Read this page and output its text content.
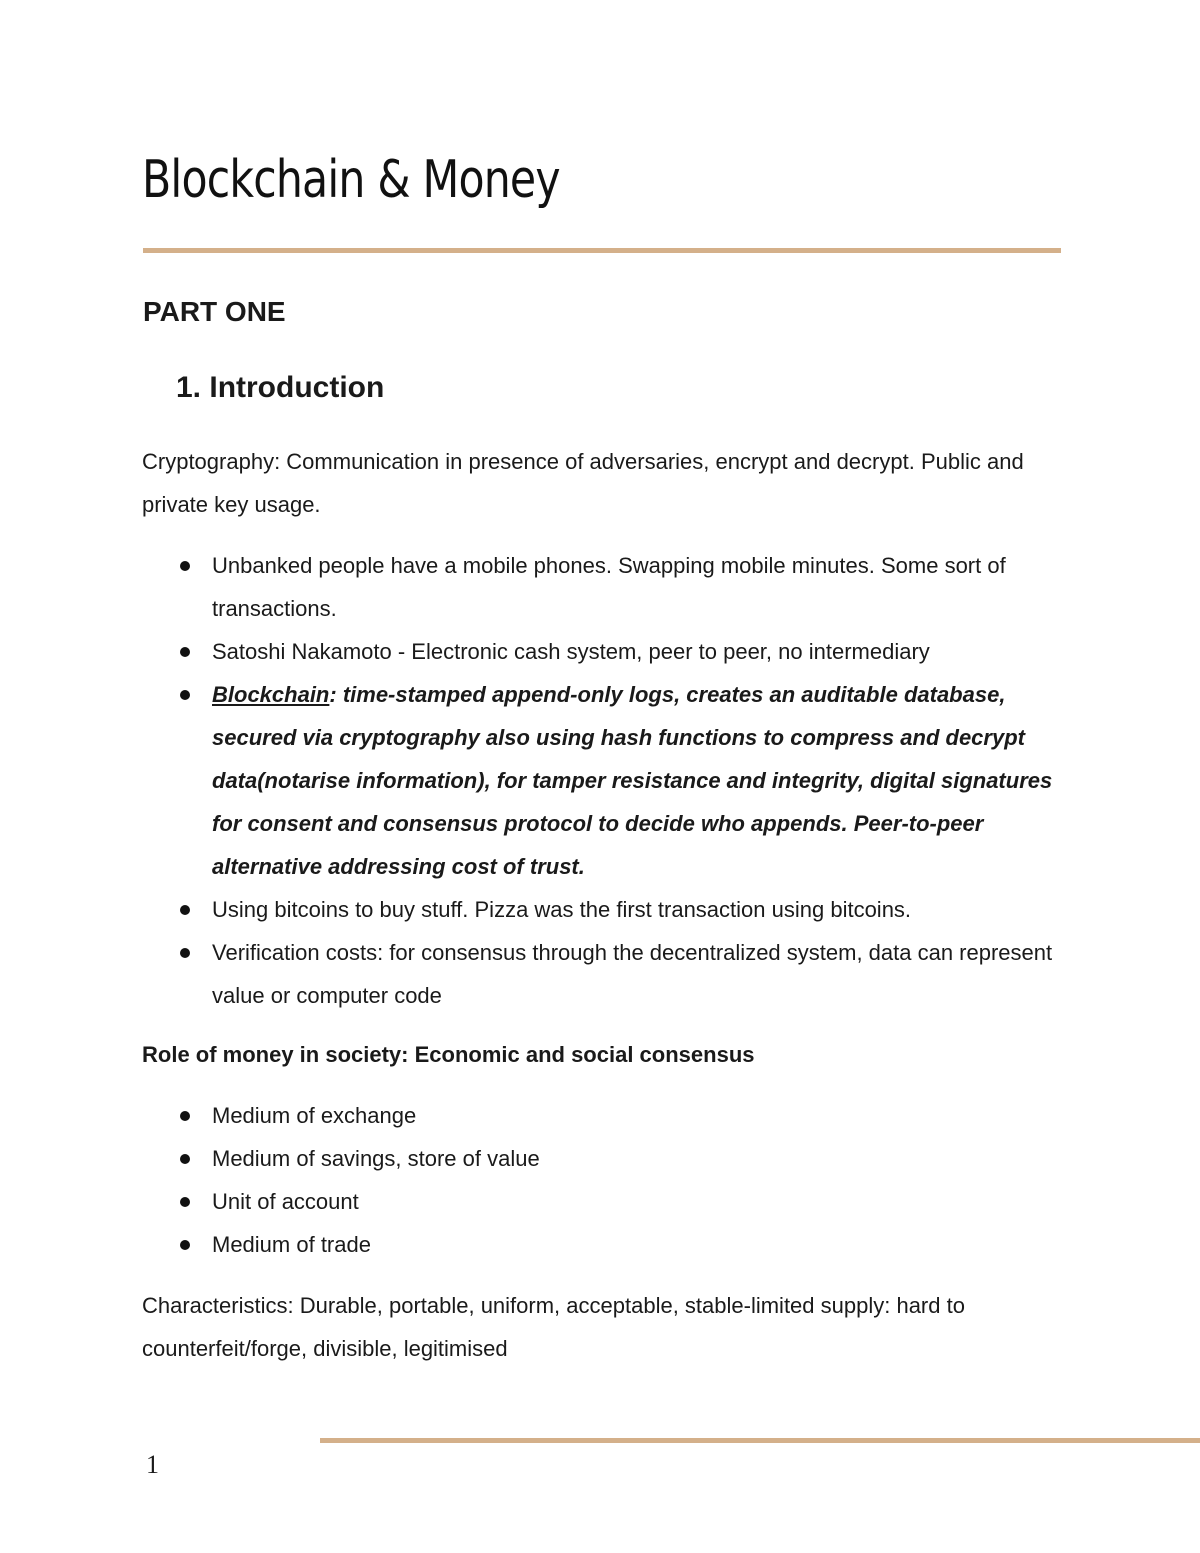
Blockchain & Money
PART ONE
1. Introduction

Cryptography: Communication in presence of adversaries, encrypt and decrypt. Public and private key usage.

Unbanked people have a mobile phones. Swapping mobile minutes. Some sort of transactions.
Satoshi Nakamoto - Electronic cash system, peer to peer, no intermediary
Blockchain: time-stamped append-only logs, creates an auditable database, secured via cryptography also using hash functions to compress and decrypt data(notarise information), for tamper resistance and integrity, digital signatures for consent and consensus protocol to decide who appends. Peer-to-peer alternative addressing cost of trust.
Using bitcoins to buy stuff. Pizza was the first transaction using bitcoins.
Verification costs: for consensus through the decentralized system, data can represent value or computer code

Role of money in society: Economic and social consensus

Medium of exchange
Medium of savings, store of value
Unit of account
Medium of trade

Characteristics: Durable, portable, uniform, acceptable, stable-limited supply: hard to counterfeit/forge, divisible, legitimised

1
